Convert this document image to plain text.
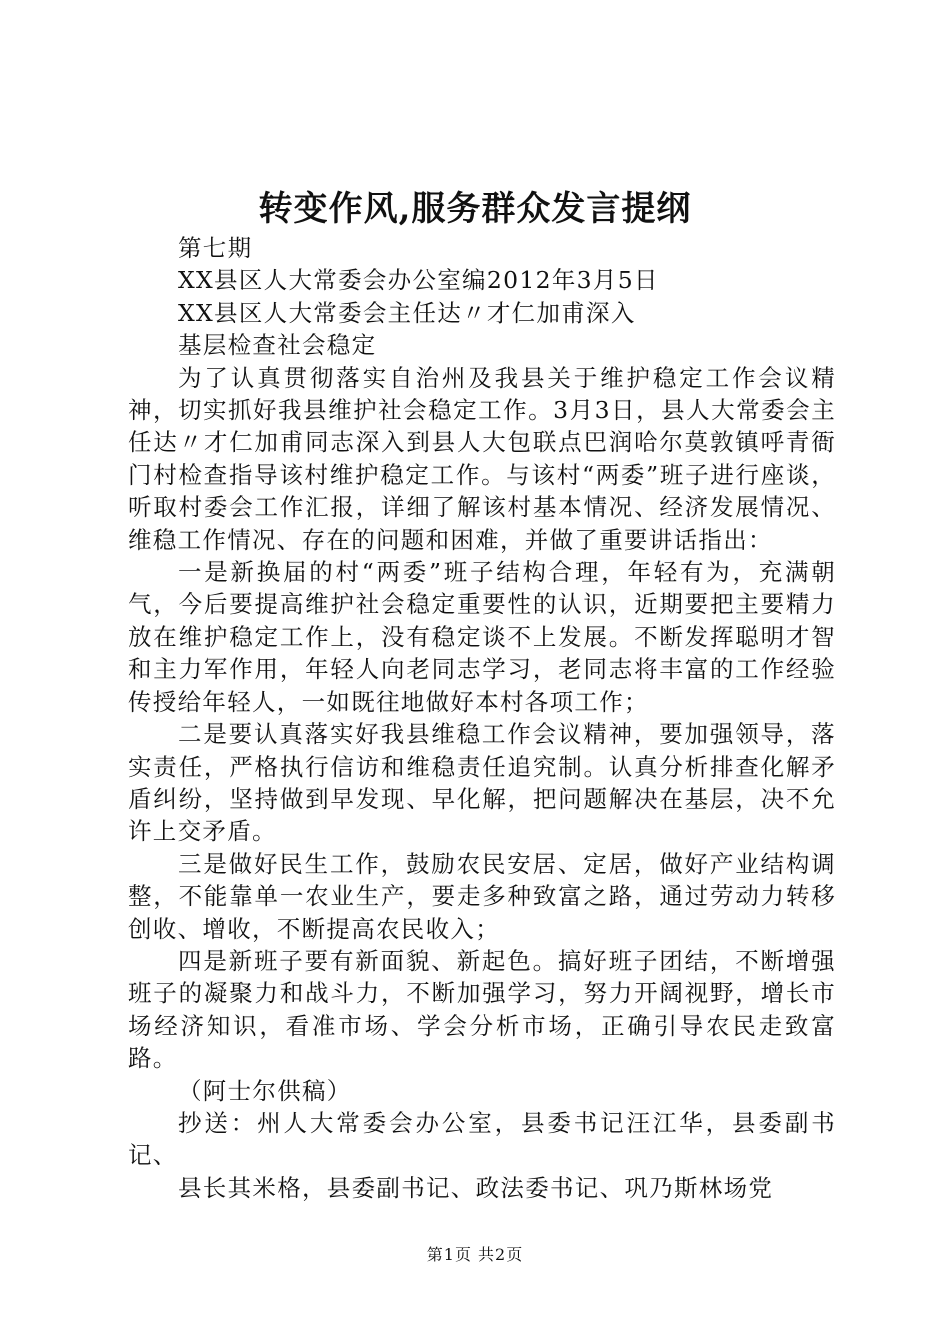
转变作风,服务群众发言提纲

第七期

XX县区人大常委会办公室编2012年3月5日

XX县区人大常委会主任达〃才仁加甫深入

基层检查社会稳定

为了认真贯彻落实自治州及我县关于维护稳定工作会议精神，切实抓好我县维护社会稳定工作。3月3日，县人大常委会主任达〃才仁加甫同志深入到县人大包联点巴润哈尔莫敦镇呼青衙门村检查指导该村维护稳定工作。与该村“两委”班子进行座谈，听取村委会工作汇报，详细了解该村基本情况、经济发展情况、维稳工作情况、存在的问题和困难，并做了重要讲话指出：

一是新换届的村“两委”班子结构合理，年轻有为，充满朝气，今后要提高维护社会稳定重要性的认识，近期要把主要精力放在维护稳定工作上，没有稳定谈不上发展。不断发挥聪明才智和主力军作用，年轻人向老同志学习，老同志将丰富的工作经验传授给年轻人，一如既往地做好本村各项工作；

二是要认真落实好我县维稳工作会议精神，要加强领导，落实责任，严格执行信访和维稳责任追究制。认真分析排查化解矛盾纠纷，坚持做到早发现、早化解，把问题解决在基层，决不允许上交矛盾。

三是做好民生工作，鼓励农民安居、定居，做好产业结构调整，不能靠单一农业生产，要走多种致富之路，通过劳动力转移创收、增收，不断提高农民收入；

四是新班子要有新面貌、新起色。搞好班子团结，不断增强班子的凝聚力和战斗力，不断加强学习，努力开阔视野，增长市场经济知识，看准市场、学会分析市场，正确引导农民走致富路。

（阿士尔供稿）

抄送：州人大常委会办公室，县委书记汪江华，县委副书记、

县长其米格，县委副书记、政法委书记、巩乃斯林场党

第1页 共2页
